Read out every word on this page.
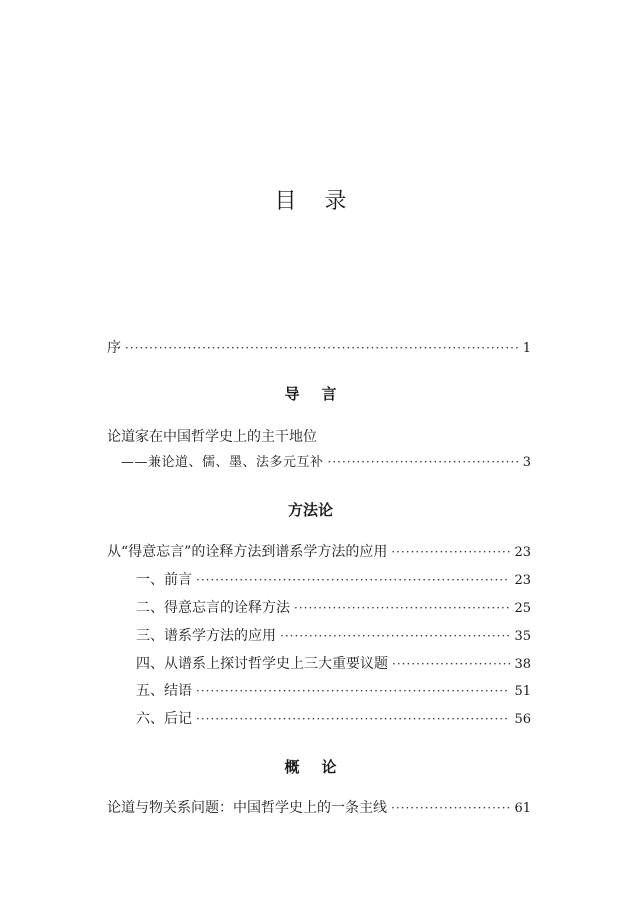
目 录
序 ·····	1
导 言
论道家在中国哲学史上的主干地位
——兼论道、儒、墨、法多元互补 ·····	3
方法论
从“得意忘言”的诠释方法到谱系学方法的应用 ·····	23
一、前言 ·····	23
二、得意忘言的诠释方法 ·····	25
三、谱系学方法的应用 ·····	35
四、从谱系上探讨哲学史上三大重要议题 ·····	38
五、结语 ·····	51
六、后记 ·····	56
概 论
论道与物关系问题：中国哲学史上的一条主线 ·····	61
